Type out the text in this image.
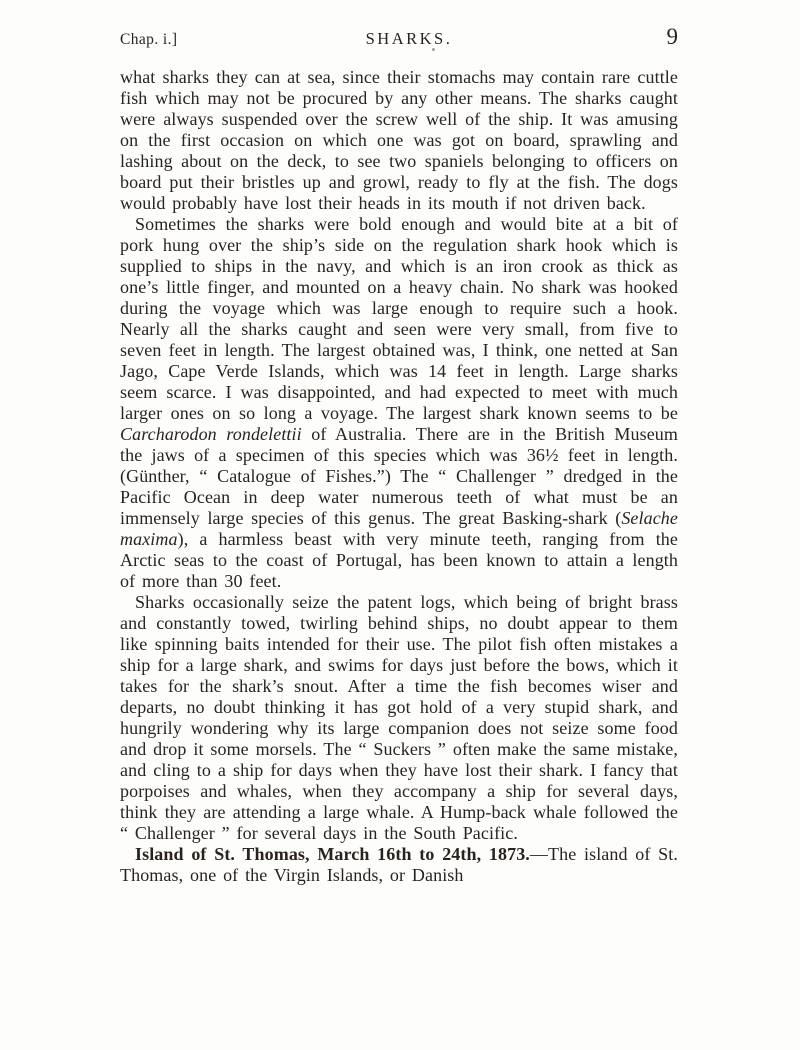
Chap. i.]	SHARKS.	9

what sharks they can at sea, since their stomachs may contain rare cuttle fish which may not be procured by any other means. The sharks caught were always suspended over the screw well of the ship. It was amusing on the first occasion on which one was got on board, sprawling and lashing about on the deck, to see two spaniels belonging to officers on board put their bristles up and growl, ready to fly at the fish. The dogs would probably have lost their heads in its mouth if not driven back.

Sometimes the sharks were bold enough and would bite at a bit of pork hung over the ship’s side on the regulation shark hook which is supplied to ships in the navy, and which is an iron crook as thick as one’s little finger, and mounted on a heavy chain. No shark was hooked during the voyage which was large enough to require such a hook. Nearly all the sharks caught and seen were very small, from five to seven feet in length. The largest obtained was, I think, one netted at San Jago, Cape Verde Islands, which was 14 feet in length. Large sharks seem scarce. I was disappointed, and had expected to meet with much larger ones on so long a voyage. The largest shark known seems to be Carcharodon rondelettii of Australia. There are in the British Museum the jaws of a specimen of this species which was 36½ feet in length. (Günther, “ Catalogue of Fishes.”) The “ Challenger ” dredged in the Pacific Ocean in deep water numerous teeth of what must be an immensely large species of this genus. The great Basking-shark (Selache maxima), a harmless beast with very minute teeth, ranging from the Arctic seas to the coast of Portugal, has been known to attain a length of more than 30 feet.

Sharks occasionally seize the patent logs, which being of bright brass and constantly towed, twirling behind ships, no doubt appear to them like spinning baits intended for their use. The pilot fish often mistakes a ship for a large shark, and swims for days just before the bows, which it takes for the shark’s snout. After a time the fish becomes wiser and departs, no doubt thinking it has got hold of a very stupid shark, and hungrily wondering why its large companion does not seize some food and drop it some morsels. The “ Suckers ” often make the same mistake, and cling to a ship for days when they have lost their shark. I fancy that porpoises and whales, when they accompany a ship for several days, think they are attending a large whale. A Hump-back whale followed the “ Challenger ” for several days in the South Pacific.

Island of St. Thomas, March 16th to 24th, 1873.—The island of St. Thomas, one of the Virgin Islands, or Danish
